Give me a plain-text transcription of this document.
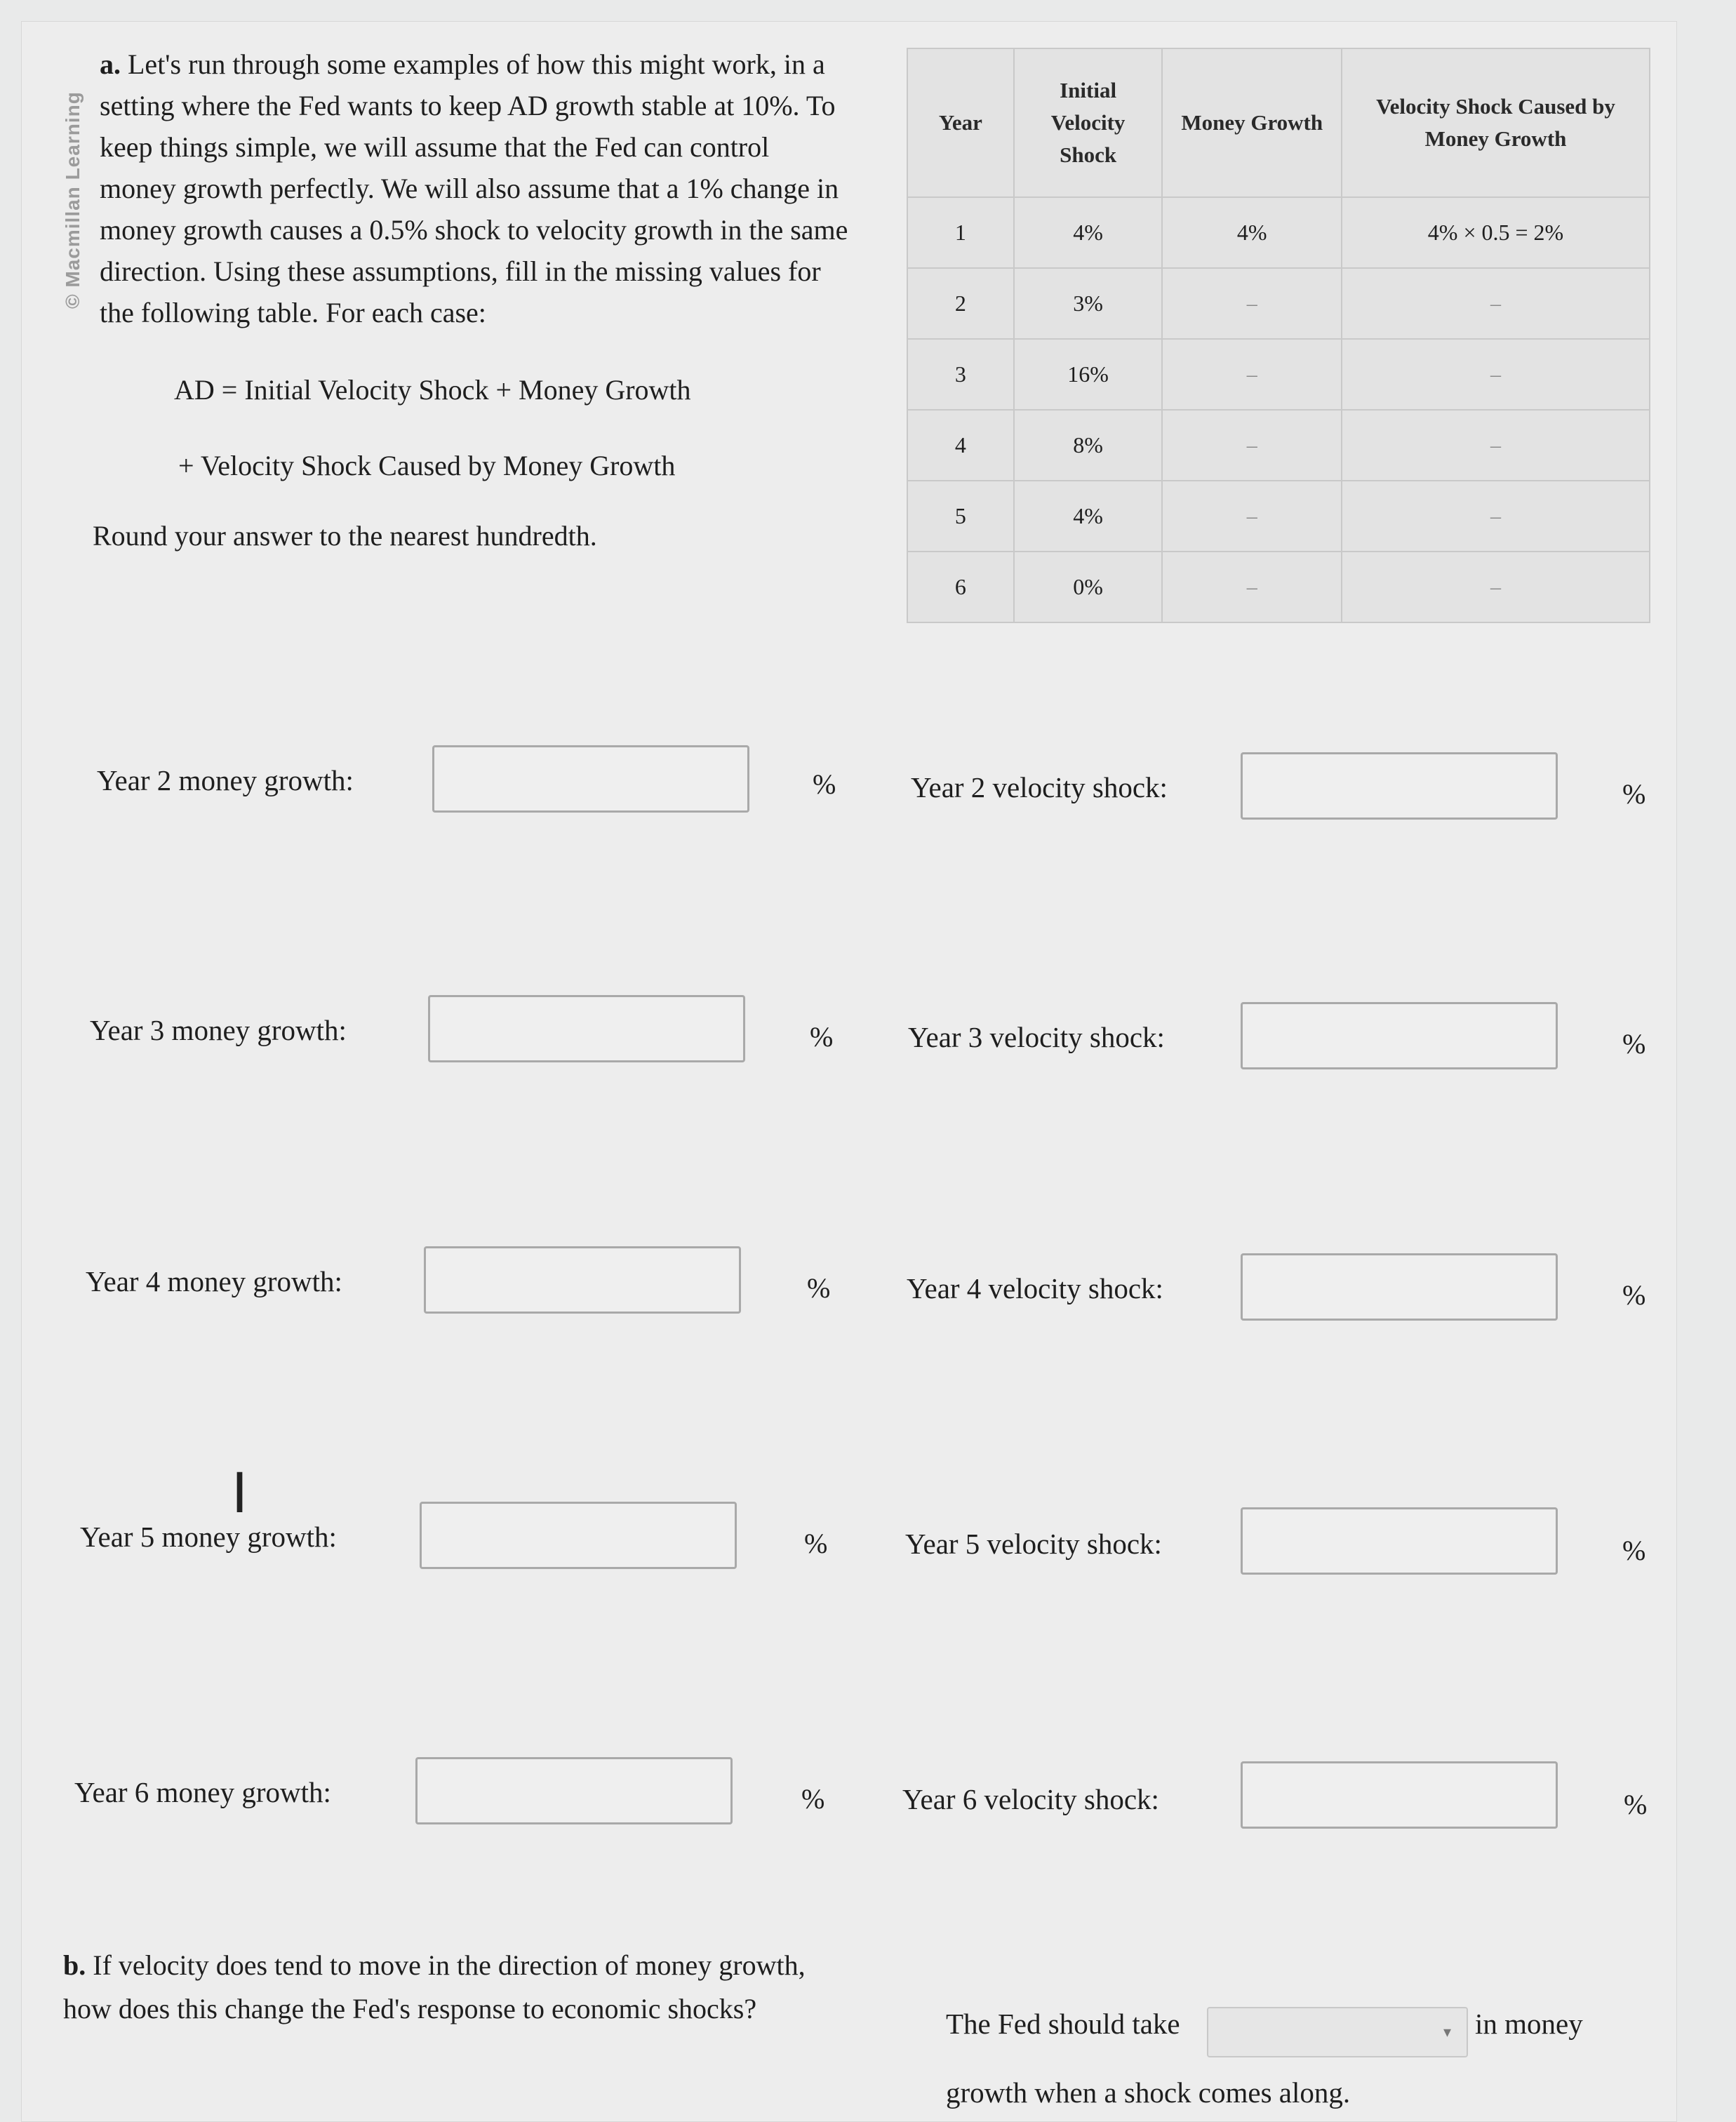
© Macmillan Learning
a. Let's run through some examples of how this might work, in a setting where the Fed wants to keep AD growth stable at 10%. To keep things simple, we will assume that the Fed can control money growth perfectly. We will also assume that a 1% change in money growth causes a 0.5% shock to velocity growth in the same direction. Using these assumptions, fill in the missing values for the following table. For each case:
AD = Initial Velocity Shock + Money Growth
+ Velocity Shock Caused by Money Growth
Round your answer to the nearest hundredth.
Year	Initial Velocity Shock	Money Growth	Velocity Shock Caused by Money Growth
1	4%	4%	4% × 0.5 = 2%
2	3%	–	–
3	16%	–	–
4	8%	–	–
5	4%	–	–
6	0%	–	–
Year 2 money growth:	%	Year 2 velocity shock:	%
Year 3 money growth:	%	Year 3 velocity shock:	%
Year 4 money growth:	%	Year 4 velocity shock:	%
I
Year 5 money growth:	%	Year 5 velocity shock:	%
Year 6 money growth:	%	Year 6 velocity shock:	%
b. If velocity does tend to move in the direction of money growth, how does this change the Fed's response to economic shocks?	The Fed should take	▾ in money
growth when a shock comes along.
